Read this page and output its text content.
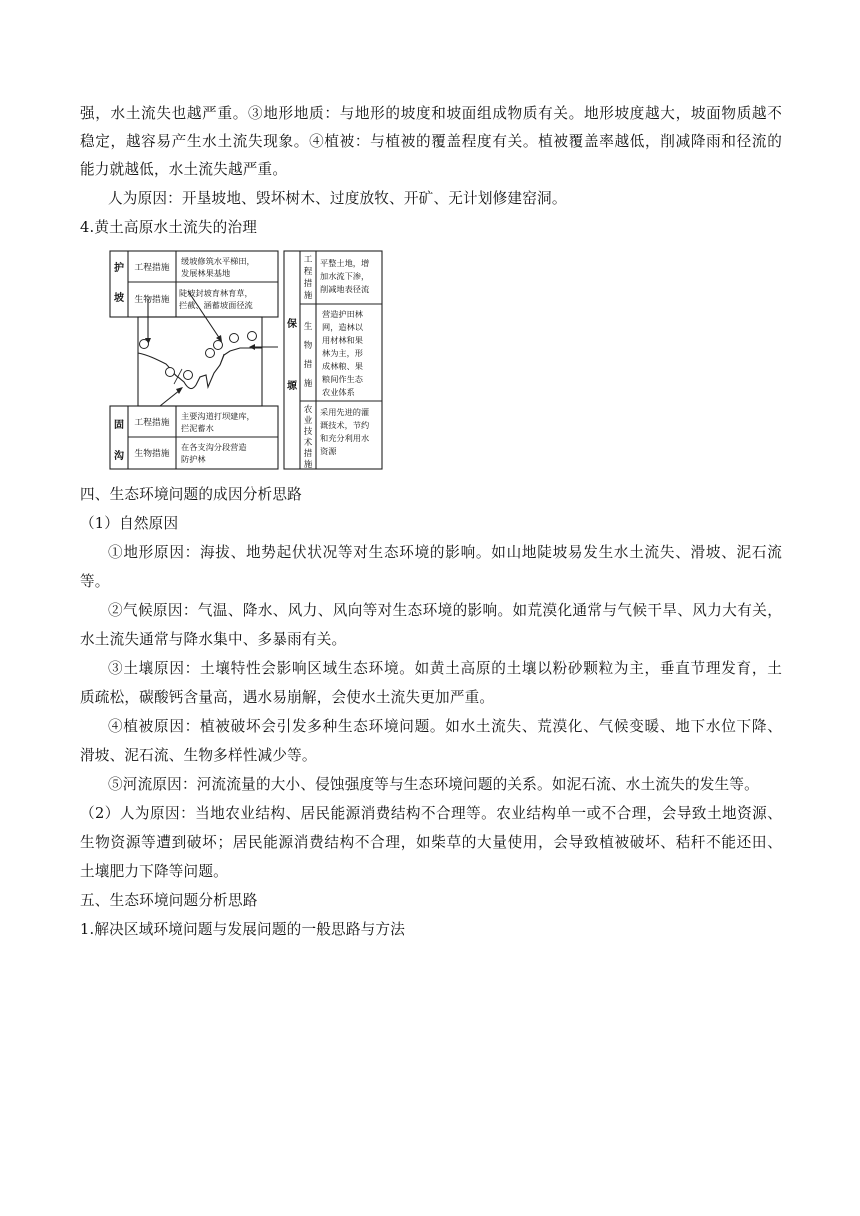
强，水土流失也越严重。③地形地质：与地形的坡度和坡面组成物质有关。地形坡度越大，坡面物质越不
稳定，越容易产生水土流失现象。④植被：与植被的覆盖程度有关。植被覆盖率越低，削减降雨和径流的
能力就越低，水土流失越严重。
人为原因：开垦坡地、毁坏树木、过度放牧、开矿、无计划修建窑洞。
4.黄土高原水土流失的治理
护
坡
工程措施
缓坡修筑水平梯田，
发展林果基地
生物措施
陡坡封坡育林育草，
拦截、涵蓄坡面径流
固
沟
工程措施
主要沟道打坝建库，
拦泥蓄水
生物措施
在各支沟分段营造
防护林
保
塬
工
程
措
施
平整土地，增
加水流下渗，
削减地表径流
生
物
措
施
营造护田林
网，造林以
用材林和果
林为主，形
成林粮、果
粮间作生态
农业体系
农
业
技
术
措
施
采用先进的灌
溉技术，节约
和充分利用水
资源
四、生态环境问题的成因分析思路
（1）自然原因
①地形原因：海拔、地势起伏状况等对生态环境的影响。如山地陡坡易发生水土流失、滑坡、泥石流
等。
②气候原因：气温、降水、风力、风向等对生态环境的影响。如荒漠化通常与气候干旱、风力大有关，
水土流失通常与降水集中、多暴雨有关。
③土壤原因：土壤特性会影响区域生态环境。如黄土高原的土壤以粉砂颗粒为主，垂直节理发育，土
质疏松，碳酸钙含量高，遇水易崩解，会使水土流失更加严重。
④植被原因：植被破坏会引发多种生态环境问题。如水土流失、荒漠化、气候变暖、地下水位下降、
滑坡、泥石流、生物多样性减少等。
⑤河流原因：河流流量的大小、侵蚀强度等与生态环境问题的关系。如泥石流、水土流失的发生等。
（2）人为原因：当地农业结构、居民能源消费结构不合理等。农业结构单一或不合理，会导致土地资源、
生物资源等遭到破坏；居民能源消费结构不合理，如柴草的大量使用，会导致植被破坏、秸秆不能还田、
土壤肥力下降等问题。
五、生态环境问题分析思路
1.解决区域环境问题与发展问题的一般思路与方法
